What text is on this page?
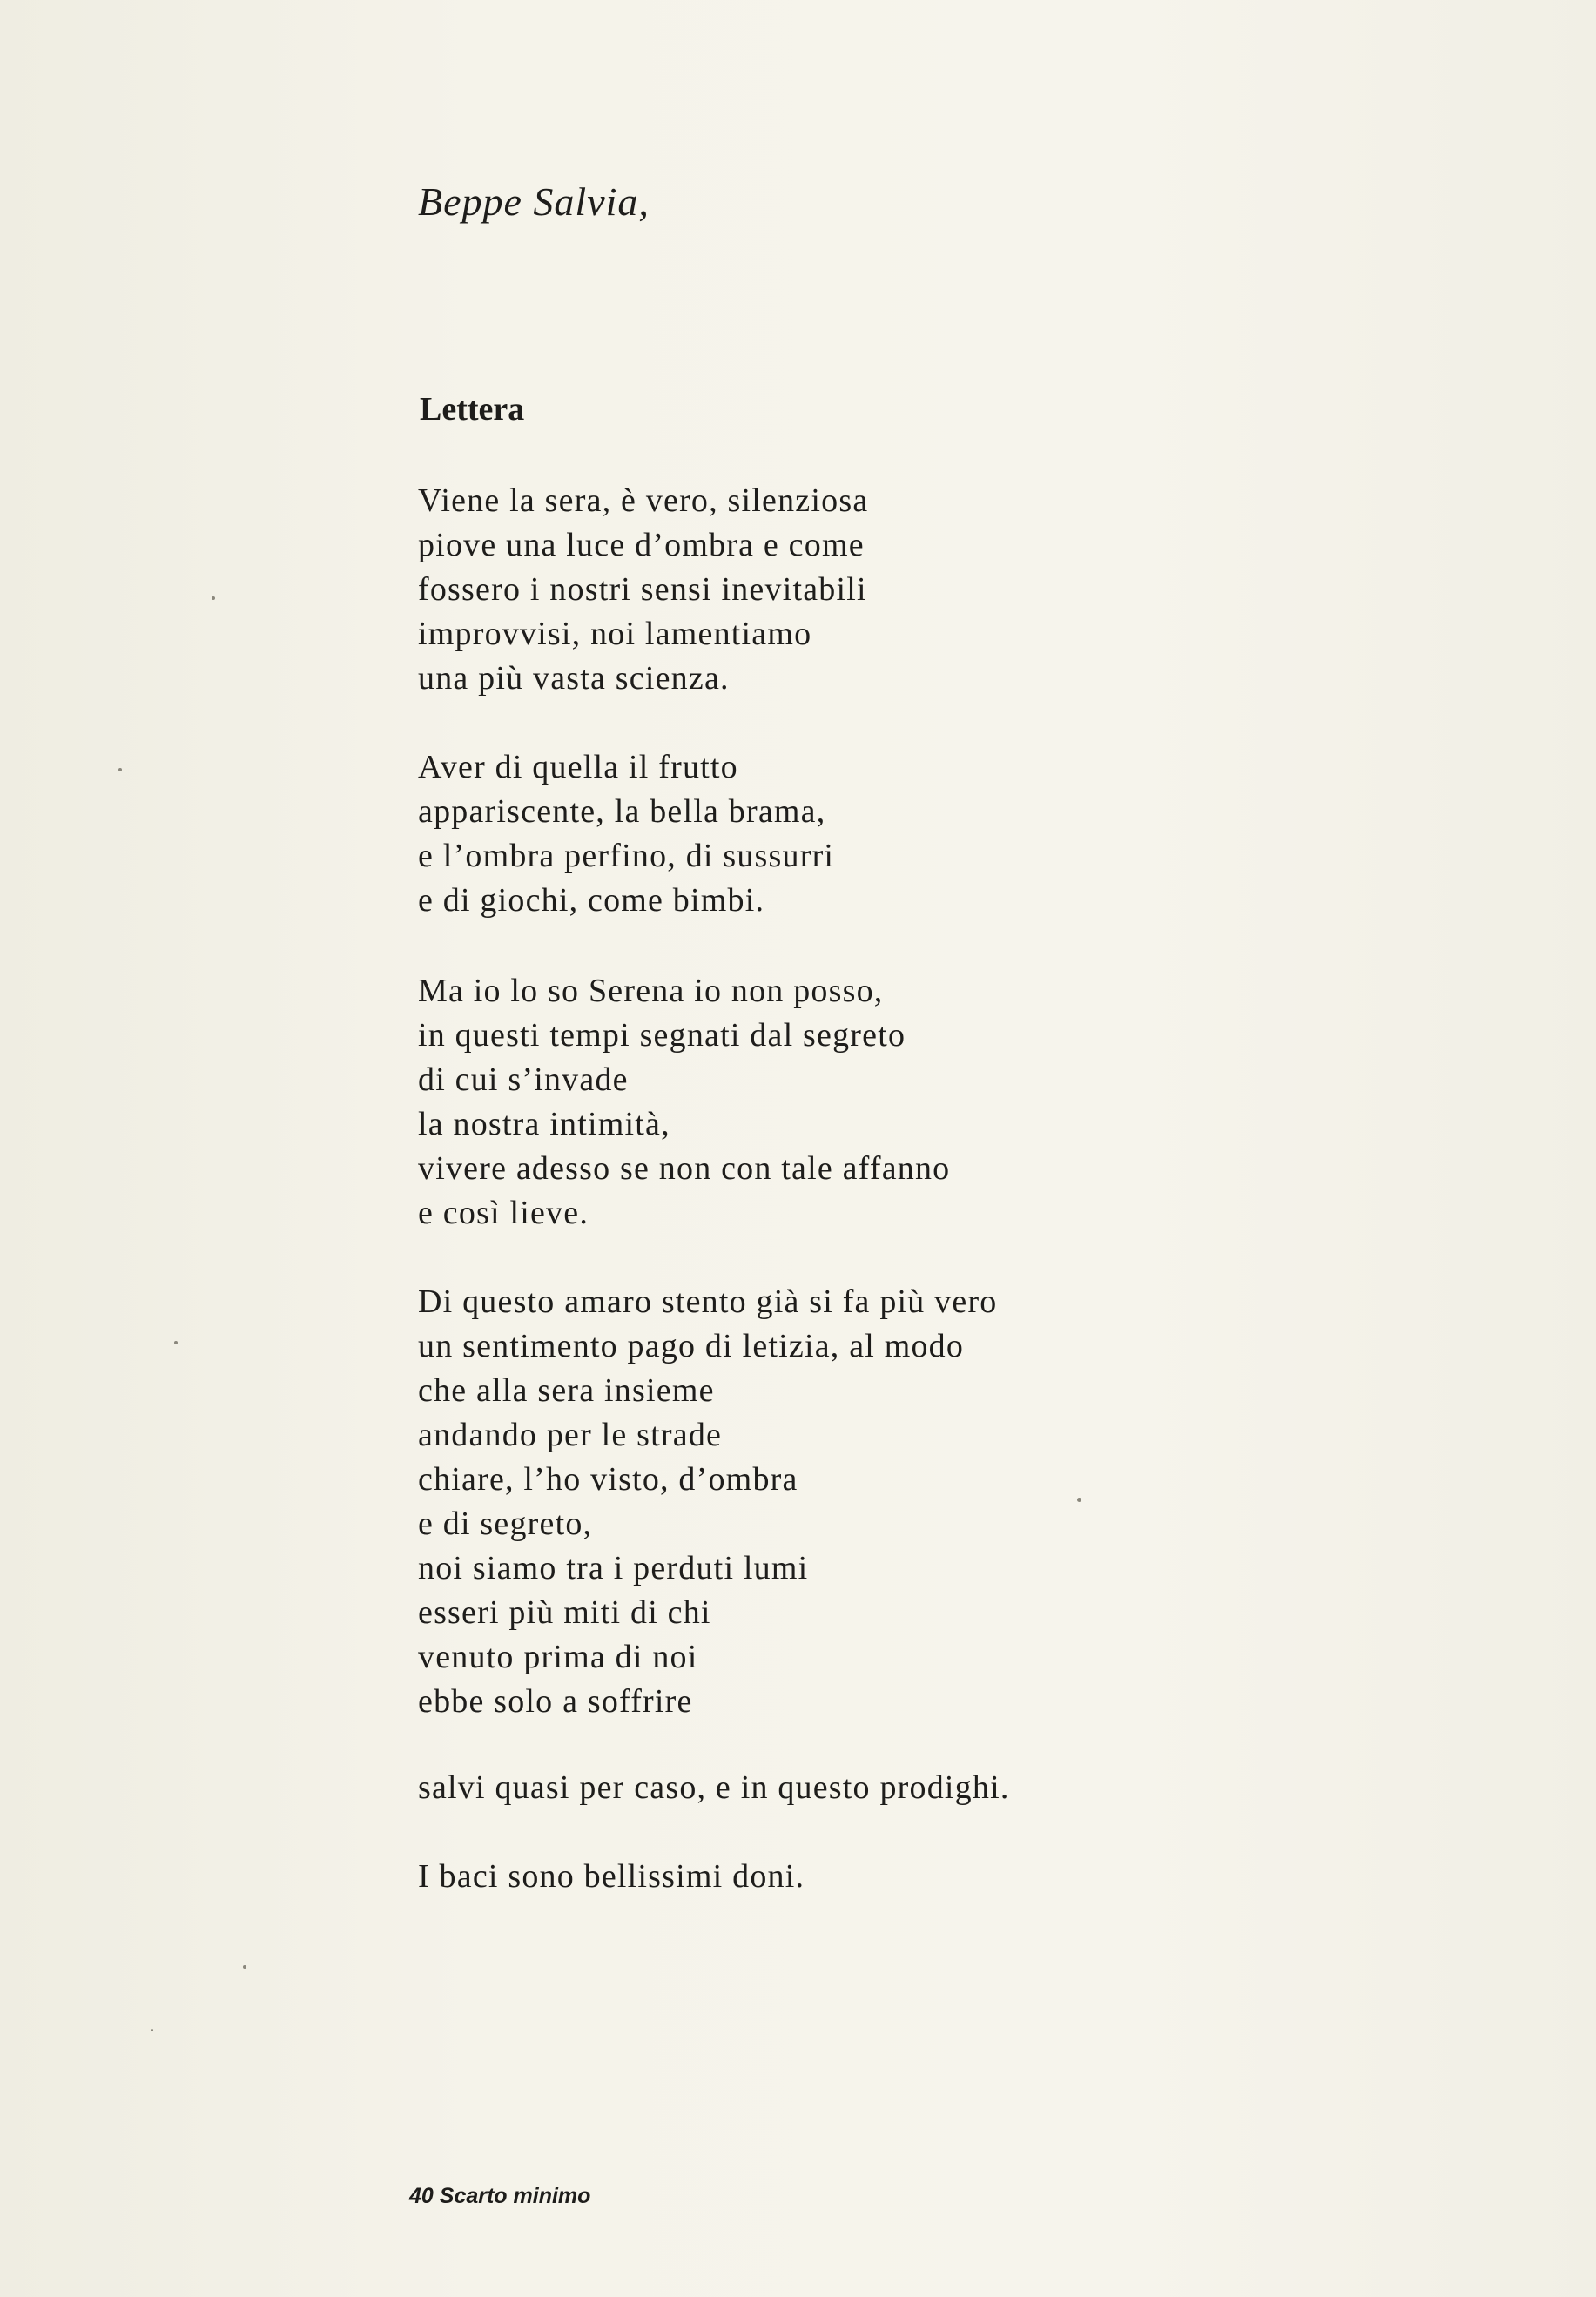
Beppe Salvia,
Lettera
Viene la sera, è vero, silenziosa
piove una luce d’ombra e come
fossero i nostri sensi inevitabili
improvvisi, noi lamentiamo
una più vasta scienza.
Aver di quella il frutto
appariscente, la bella brama,
e l’ombra perfino, di sussurri
e di giochi, come bimbi.
Ma io lo so Serena io non posso,
in questi tempi segnati dal segreto
di cui s’invade
la nostra intimità,
vivere adesso se non con tale affanno
e così lieve.
Di questo amaro stento già si fa più vero
un sentimento pago di letizia, al modo
che alla sera insieme
andando per le strade
chiare, l’ho visto, d’ombra
e di segreto,
noi siamo tra i perduti lumi
esseri più miti di chi
venuto prima di noi
ebbe solo a soffrire
salvi quasi per caso, e in questo prodighi.
I baci sono bellissimi doni.
40 Scarto minimo
